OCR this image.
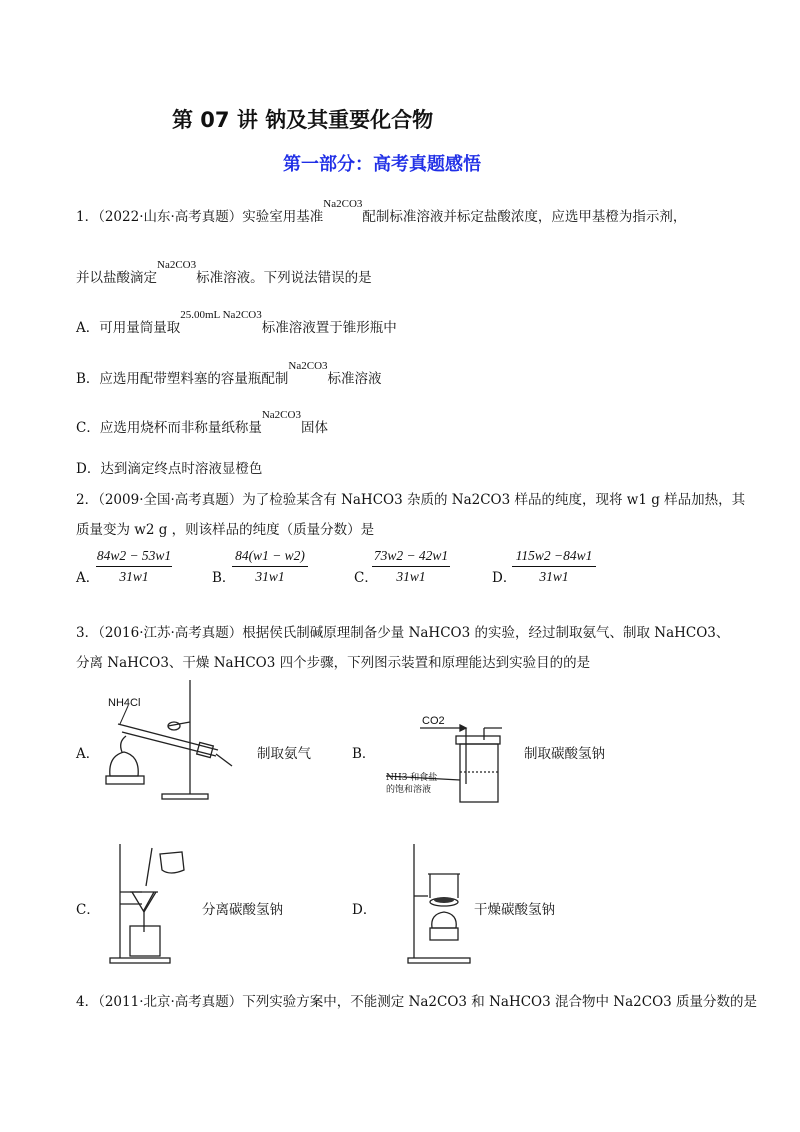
第 07 讲 钠及其重要化合物
第一部分：高考真题感悟
1．（2022·山东·高考真题）实验室用基准$^{Na2CO3}$配制标准溶液并标定盐酸浓度，应选甲基橙为指示剂，
并以盐酸滴定$^{Na2CO3}$标准溶液。下列说法错误的是
A．可用量筒量取$^{25.00mL Na2CO3}$标准溶液置于锥形瓶中
B．应选用配带塑料塞的容量瓶配制$^{Na2CO3}$标准溶液
C．应选用烧杯而非称量纸称量$^{Na2CO3}$固体
D．达到滴定终点时溶液显橙色
2．（2009·全国·高考真题）为了检验某含有 NaHCO3 杂质的 Na2CO3 样品的纯度，现将 w1 g 样品加热，其
质量变为 w2 g ，则该样品的纯度（质量分数）是
A．
84w2 − 53w1
31w1	B．
84(w1 − w2)
31w1	C．
73w2 − 42w1
31w1	D．
115w2 −84w1
31w1
3．（2016·江苏·高考真题）根据侯氏制碱原理制备少量 NaHCO3 的实验，经过制取氨气、制取 NaHCO3、
分离 NaHCO3、干燥 NaHCO3 四个步骤，下列图示装置和原理能达到实验目的的是
A．
NH4Cl
制取氨气	B．
CO2
NH3 和食盐
的饱和溶液
制取碳酸氢钠
C．	分离碳酸氢钠	D．	干燥碳酸氢钠
4．（2011·北京·高考真题）下列实验方案中，不能测定 Na2CO3 和 NaHCO3 混合物中 Na2CO3 质量分数的是
